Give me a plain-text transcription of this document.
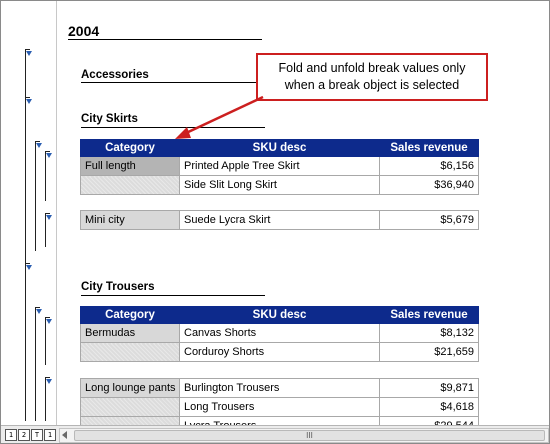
2004
Accessories
City Skirts
Category	SKU desc	Sales revenue
Full length	Printed Apple Tree Skirt	$6,156
	Side Slit Long Skirt	$36,940
Mini city	Suede Lycra Skirt	$5,679
City Trousers
Category	SKU desc	Sales revenue
Bermudas	Canvas Shorts	$8,132
	Corduroy Shorts	$21,659
Long lounge pants	Burlington Trousers	$9,871
	Long Trousers	$4,618

Fold and unfold break values only
when a break object is selected
1	2	T	1	III
